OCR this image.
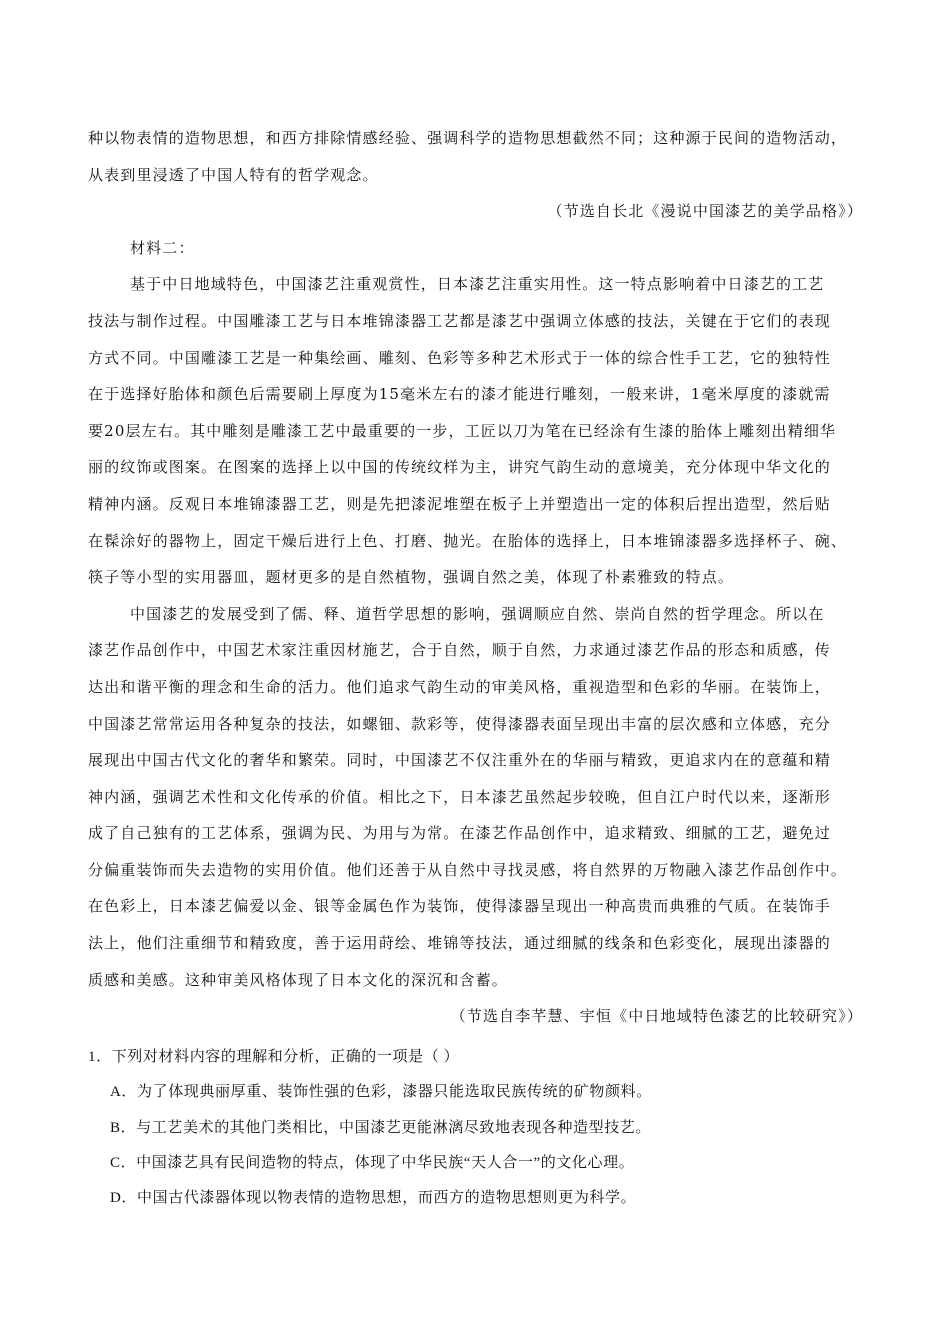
种以物表情的造物思想，和西方排除情感经验、强调科学的造物思想截然不同；这种源于民间的造物活动，
从表到里浸透了中国人特有的哲学观念。
（节选自长北《漫说中国漆艺的美学品格》）
材料二：
基于中日地域特色，中国漆艺注重观赏性，日本漆艺注重实用性。这一特点影响着中日漆艺的工艺
技法与制作过程。中国雕漆工艺与日本堆锦漆器工艺都是漆艺中强调立体感的技法，关键在于它们的表现
方式不同。中国雕漆工艺是一种集绘画、雕刻、色彩等多种艺术形式于一体的综合性手工艺，它的独特性
在于选择好胎体和颜色后需要刷上厚度为15毫米左右的漆才能进行雕刻，一般来讲，1毫米厚度的漆就需
要20层左右。其中雕刻是雕漆工艺中最重要的一步，工匠以刀为笔在已经涂有生漆的胎体上雕刻出精细华
丽的纹饰或图案。在图案的选择上以中国的传统纹样为主，讲究气韵生动的意境美，充分体现中华文化的
精神内涵。反观日本堆锦漆器工艺，则是先把漆泥堆塑在板子上并塑造出一定的体积后捏出造型，然后贴
在髹涂好的器物上，固定干燥后进行上色、打磨、抛光。在胎体的选择上，日本堆锦漆器多选择杯子、碗、
筷子等小型的实用器皿，题材更多的是自然植物，强调自然之美，体现了朴素雅致的特点。
中国漆艺的发展受到了儒、释、道哲学思想的影响，强调顺应自然、崇尚自然的哲学理念。所以在
漆艺作品创作中，中国艺术家注重因材施艺，合于自然，顺于自然，力求通过漆艺作品的形态和质感，传
达出和谐平衡的理念和生命的活力。他们追求气韵生动的审美风格，重视造型和色彩的华丽。在装饰上，
中国漆艺常常运用各种复杂的技法，如螺钿、款彩等，使得漆器表面呈现出丰富的层次感和立体感，充分
展现出中国古代文化的奢华和繁荣。同时，中国漆艺不仅注重外在的华丽与精致，更追求内在的意蕴和精
神内涵，强调艺术性和文化传承的价值。相比之下，日本漆艺虽然起步较晚，但自江户时代以来，逐渐形
成了自己独有的工艺体系，强调为民、为用与为常。在漆艺作品创作中，追求精致、细腻的工艺，避免过
分偏重装饰而失去造物的实用价值。他们还善于从自然中寻找灵感，将自然界的万物融入漆艺作品创作中。
在色彩上，日本漆艺偏爱以金、银等金属色作为装饰，使得漆器呈现出一种高贵而典雅的气质。在装饰手
法上，他们注重细节和精致度，善于运用莳绘、堆锦等技法，通过细腻的线条和色彩变化，展现出漆器的
质感和美感。这种审美风格体现了日本文化的深沉和含蓄。
（节选自李芊慧、宇恒《中日地域特色漆艺的比较研究》）
1．下列对材料内容的理解和分析，正确的一项是（ ）
A．为了体现典丽厚重、装饰性强的色彩，漆器只能选取民族传统的矿物颜料。
B．与工艺美术的其他门类相比，中国漆艺更能淋漓尽致地表现各种造型技艺。
C．中国漆艺具有民间造物的特点，体现了中华民族“天人合一”的文化心理。
D．中国古代漆器体现以物表情的造物思想，而西方的造物思想则更为科学。
